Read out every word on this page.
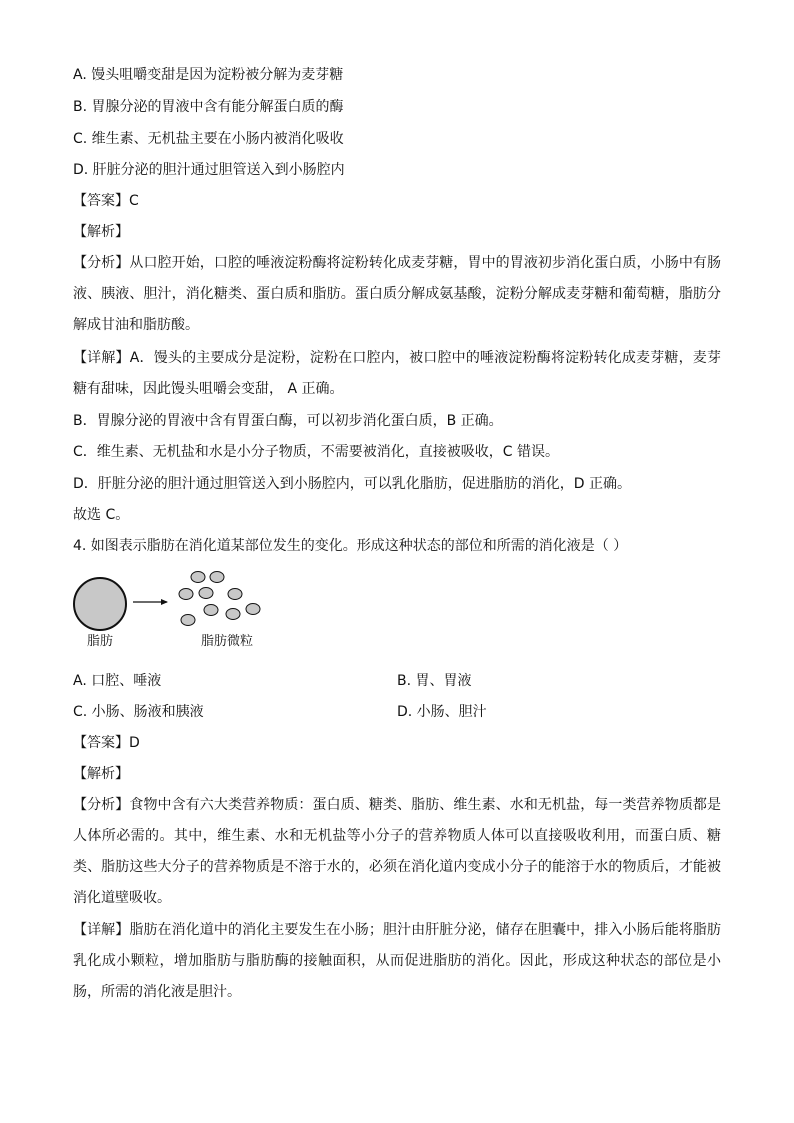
A. 馒头咀嚼变甜是因为淀粉被分解为麦芽糖
B. 胃腺分泌的胃液中含有能分解蛋白质的酶
C. 维生素、无机盐主要在小肠内被消化吸收
D. 肝脏分泌的胆汁通过胆管送入到小肠腔内
【答案】C
【解析】
【分析】从口腔开始，口腔的唾液淀粉酶将淀粉转化成麦芽糖，胃中的胃液初步消化蛋白质，小肠中有肠液、胰液、胆汁，消化糖类、蛋白质和脂肪。蛋白质分解成氨基酸，淀粉分解成麦芽糖和葡萄糖，脂肪分解成甘油和脂肪酸。
【详解】A．馒头的主要成分是淀粉，淀粉在口腔内，被口腔中的唾液淀粉酶将淀粉转化成麦芽糖，麦芽糖有甜味，因此馒头咀嚼会变甜， A 正确。
B．胃腺分泌的胃液中含有胃蛋白酶，可以初步消化蛋白质，B 正确。
C．维生素、无机盐和水是小分子物质，不需要被消化，直接被吸收，C 错误。
D．肝脏分泌的胆汁通过胆管送入到小肠腔内，可以乳化脂肪，促进脂肪的消化，D 正确。
故选 C。
4. 如图表示脂肪在消化道某部位发生的变化。形成这种状态的部位和所需的消化液是（ ）
脂肪	脂肪微粒
A. 口腔、唾液	B. 胃、胃液
C. 小肠、肠液和胰液	D. 小肠、胆汁
【答案】D
【解析】
【分析】食物中含有六大类营养物质：蛋白质、糖类、脂肪、维生素、水和无机盐，每一类营养物质都是人体所必需的。其中，维生素、水和无机盐等小分子的营养物质人体可以直接吸收利用，而蛋白质、糖类、脂肪这些大分子的营养物质是不溶于水的，必须在消化道内变成小分子的能溶于水的物质后，才能被消化道壁吸收。
【详解】脂肪在消化道中的消化主要发生在小肠；胆汁由肝脏分泌，储存在胆囊中，排入小肠后能将脂肪乳化成小颗粒，增加脂肪与脂肪酶的接触面积，从而促进脂肪的消化。因此，形成这种状态的部位是小肠，所需的消化液是胆汁。
